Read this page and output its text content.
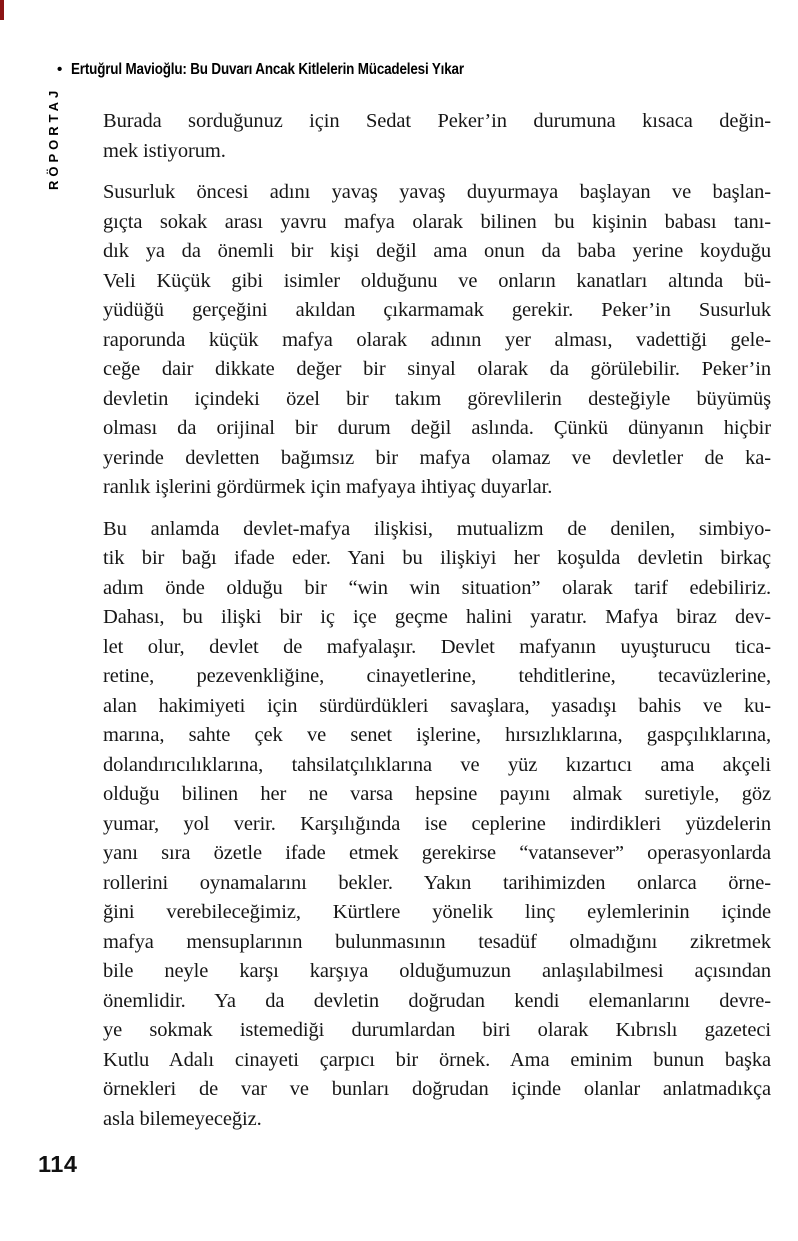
• Ertuğrul Mavioğlu: Bu Duvarı Ancak Kitlelerin Mücadelesi Yıkar
RÖPORTAJ Burada sorduğunuz için Sedat Peker’in durumuna kısaca değin-
mek istiyorum.
Susurluk öncesi adını yavaş yavaş duyurmaya başlayan ve başlan-
gıçta sokak arası yavru mafya olarak bilinen bu kişinin babası tanı-
dık ya da önemli bir kişi değil ama onun da baba yerine koyduğu
Veli Küçük gibi isimler olduğunu ve onların kanatları altında bü-
yüdüğü gerçeğini akıldan çıkarmamak gerekir. Peker’in Susurluk
raporunda küçük mafya olarak adının yer alması, vadettiği gele-
ceğe dair dikkate değer bir sinyal olarak da görülebilir. Peker’in
devletin içindeki özel bir takım görevlilerin desteğiyle büyümüş
olması da orijinal bir durum değil aslında. Çünkü dünyanın hiçbir
yerinde devletten bağımsız bir mafya olamaz ve devletler de ka-
ranlık işlerini gördürmek için mafyaya ihtiyaç duyarlar.
Bu anlamda devlet-mafya ilişkisi, mutualizm de denilen, simbiyo-
tik bir bağı ifade eder. Yani bu ilişkiyi her koşulda devletin birkaç
adım önde olduğu bir “win win situation” olarak tarif edebiliriz.
Dahası, bu ilişki bir iç içe geçme halini yaratır. Mafya biraz dev-
let olur, devlet de mafyalaşır. Devlet mafyanın uyuşturucu tica-
retine, pezevenkliğine, cinayetlerine, tehditlerine, tecavüzlerine,
alan hakimiyeti için sürdürdükleri savaşlara, yasadışı bahis ve ku-
marına, sahte çek ve senet işlerine, hırsızlıklarına, gaspçılıklarına,
dolandırıcılıklarına, tahsilatçılıklarına ve yüz kızartıcı ama akçeli
olduğu bilinen her ne varsa hepsine payını almak suretiyle, göz
yumar, yol verir. Karşılığında ise ceplerine indirdikleri yüzdelerin
yanı sıra özetle ifade etmek gerekirse “vatansever” operasyonlarda
rollerini oynamalarını bekler. Yakın tarihimizden onlarca örne-
ğini verebileceğimiz, Kürtlere yönelik linç eylemlerinin içinde
mafya mensuplarının bulunmasının tesadüf olmadığını zikretmek
bile neyle karşı karşıya olduğumuzun anlaşılabilmesi açısından
önemlidir. Ya da devletin doğrudan kendi elemanlarını devre-
ye sokmak istemediği durumlardan biri olarak Kıbrıslı gazeteci
Kutlu Adalı cinayeti çarpıcı bir örnek. Ama eminim bunun başka
örnekleri de var ve bunları doğrudan içinde olanlar anlatmadıkça
asla bilemeyeceğiz.
114
